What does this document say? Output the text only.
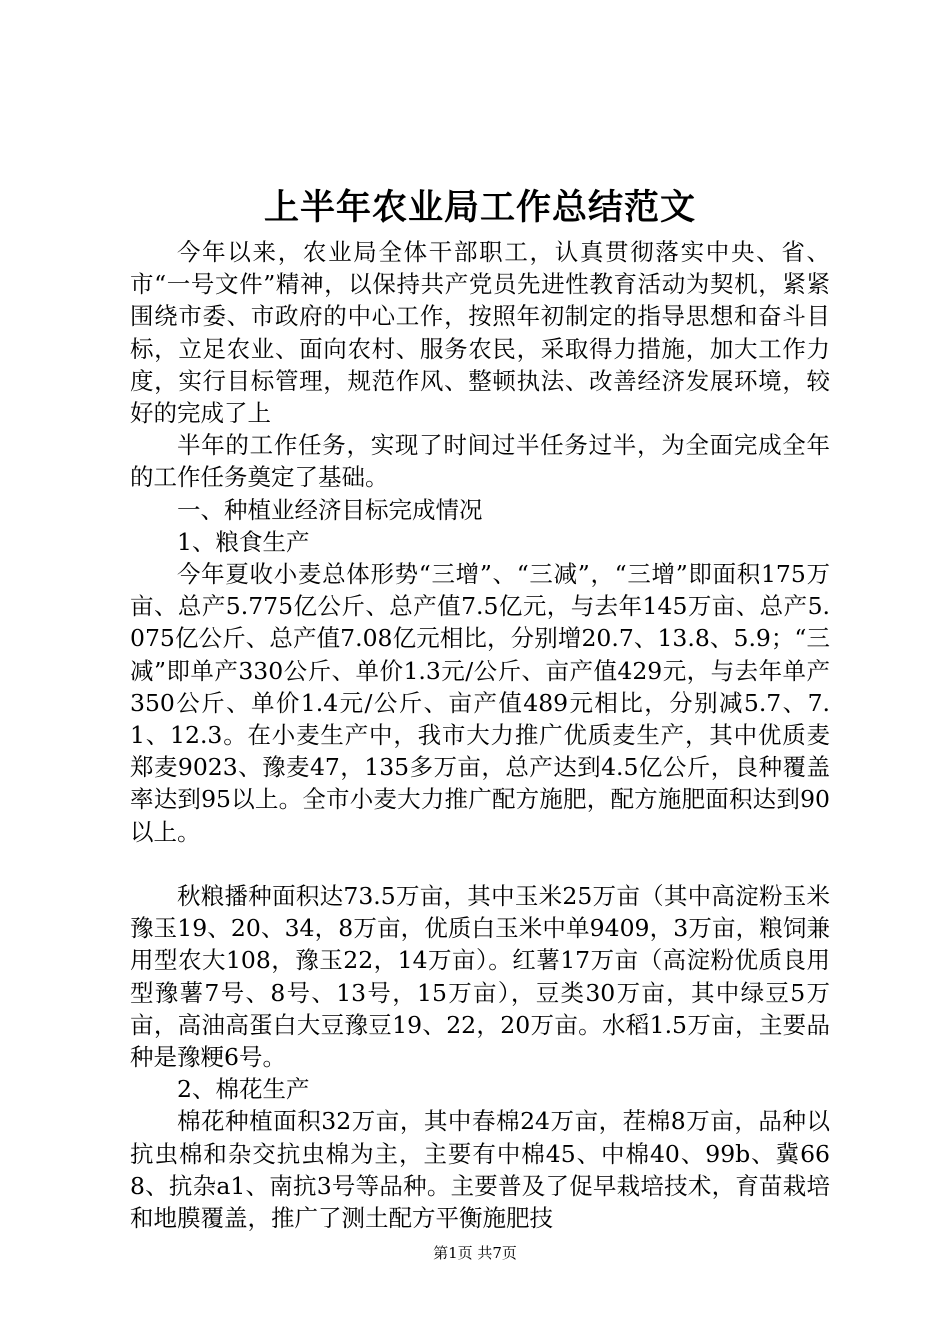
上半年农业局工作总结范文

今年以来，农业局全体干部职工，认真贯彻落实中央、省、市“一号文件”精神，以保持共产党员先进性教育活动为契机，紧紧围绕市委、市政府的中心工作，按照年初制定的指导思想和奋斗目标，立足农业、面向农村、服务农民，采取得力措施，加大工作力度，实行目标管理，规范作风、整顿执法、改善经济发展环境，较好的完成了上

半年的工作任务，实现了时间过半任务过半，为全面完成全年的工作任务奠定了基础。

一、种植业经济目标完成情况

1、粮食生产

今年夏收小麦总体形势“三增”、“三减”，“三增”即面积175万亩、总产5.775亿公斤、总产值7.5亿元，与去年145万亩、总产5.075亿公斤、总产值7.08亿元相比，分别增20.7、13.8、5.9；“三减”即单产330公斤、单价1.3元/公斤、亩产值429元，与去年单产350公斤、单价1.4元/公斤、亩产值489元相比，分别减5.7、7.1、12.3。在小麦生产中，我市大力推广优质麦生产，其中优质麦郑麦9023、豫麦47，135多万亩，总产达到4.5亿公斤，良种覆盖率达到95以上。全市小麦大力推广配方施肥，配方施肥面积达到90以上。

秋粮播种面积达73.5万亩，其中玉米25万亩（其中高淀粉玉米豫玉19、20、34，8万亩，优质白玉米中单9409，3万亩，粮饲兼用型农大108，豫玉22，14万亩）。红薯17万亩（高淀粉优质良用型豫薯7号、8号、13号，15万亩），豆类30万亩，其中绿豆5万亩，高油高蛋白大豆豫豆19、22，20万亩。水稻1.5万亩，主要品种是豫粳6号。

2、棉花生产

棉花种植面积32万亩，其中春棉24万亩，茬棉8万亩，品种以抗虫棉和杂交抗虫棉为主，主要有中棉45、中棉40、99b、冀668、抗杂a1、南抗3号等品种。主要普及了促早栽培技术，育苗栽培和地膜覆盖，推广了测土配方平衡施肥技

第1页 共7页
